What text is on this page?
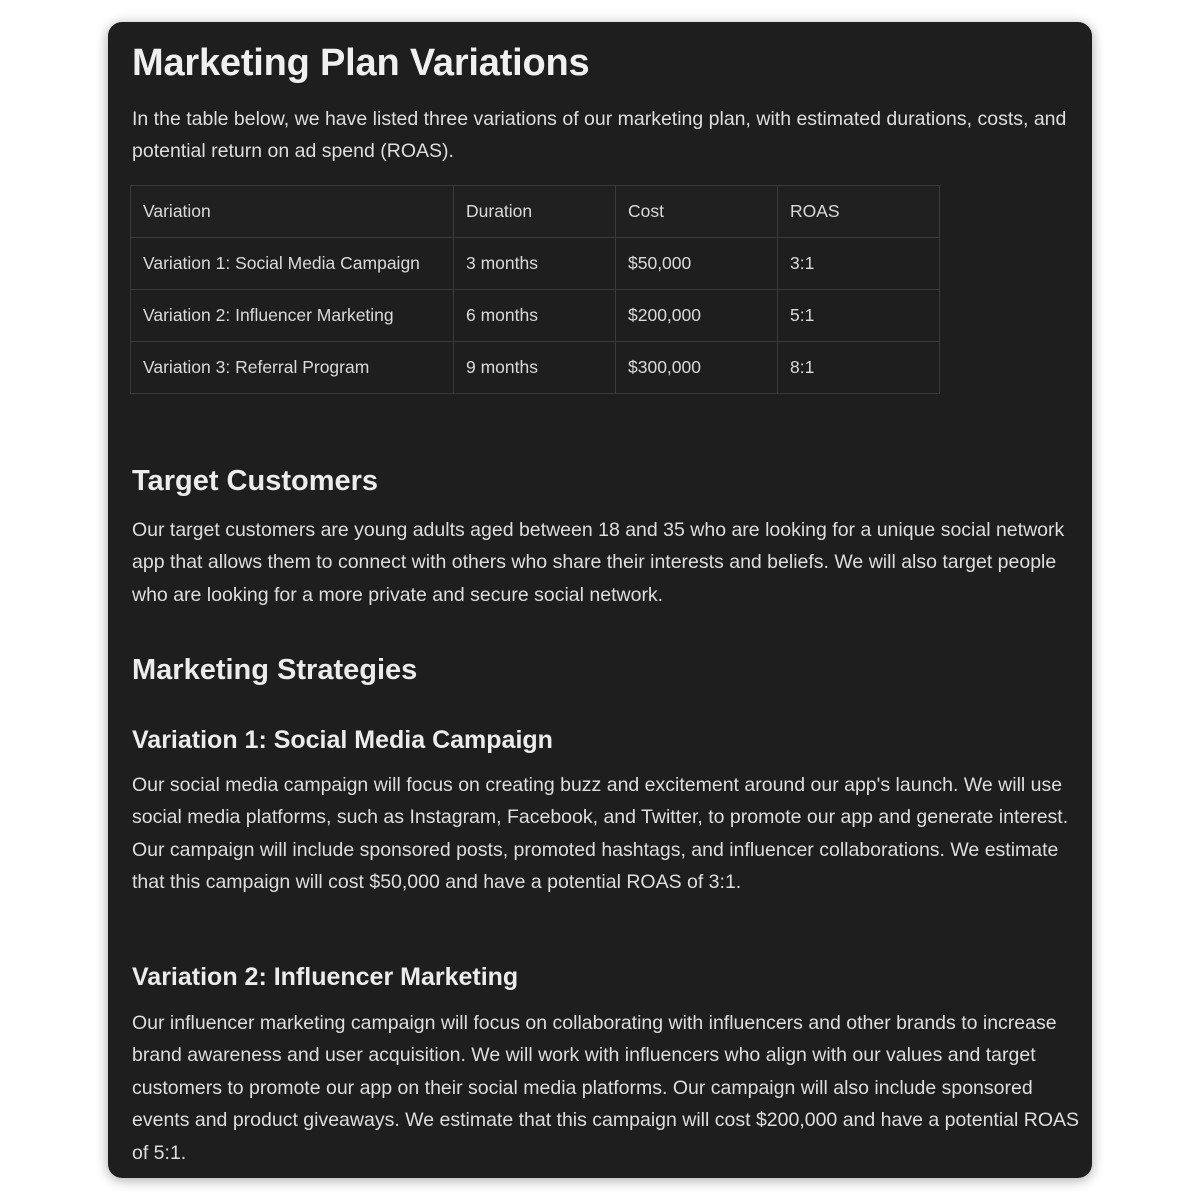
Marketing Plan Variations

In the table below, we have listed three variations of our marketing plan, with estimated durations, costs, and potential return on ad spend (ROAS).

Variation	Duration	Cost	ROAS
Variation 1: Social Media Campaign	3 months	$50,000	3:1
Variation 2: Influencer Marketing	6 months	$200,000	5:1
Variation 3: Referral Program	9 months	$300,000	8:1
Target Customers

Our target customers are young adults aged between 18 and 35 who are looking for a unique social network app that allows them to connect with others who share their interests and beliefs. We will also target people who are looking for a more private and secure social network.

Marketing Strategies
Variation 1: Social Media Campaign

Our social media campaign will focus on creating buzz and excitement around our app's launch. We will use social media platforms, such as Instagram, Facebook, and Twitter, to promote our app and generate interest. Our campaign will include sponsored posts, promoted hashtags, and influencer collaborations. We estimate that this campaign will cost $50,000 and have a potential ROAS of 3:1.

Variation 2: Influencer Marketing

Our influencer marketing campaign will focus on collaborating with influencers and other brands to increase brand awareness and user acquisition. We will work with influencers who align with our values and target customers to promote our app on their social media platforms. Our campaign will also include sponsored events and product giveaways. We estimate that this campaign will cost $200,000 and have a potential ROAS of 5:1.
